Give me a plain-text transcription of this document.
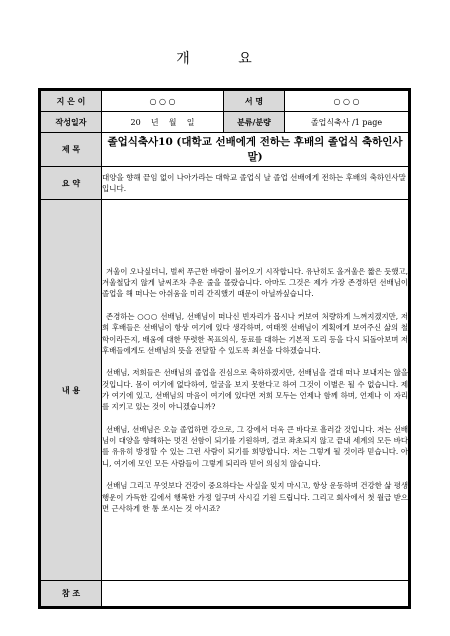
개 요
지 은 이	○ ○ ○	서 명	○ ○ ○
작성일자	20    년    월    일	분류/분량	졸업식축사 /1 page
제 목	졸업식축사10 (대학교 선배에게 전하는 후배의 졸업식 축하인사말)		
요 약	대양을 향해 끝임 없이 나아가라는 대학교 졸업식 날 졸업 선배에게 전하는 후배의 축하인사말입니다.		
내 용	겨울이 오나싶더니, 벌써 푸근한 바람이 불어오기 시작합니다. 유난히도 올겨울은 짧은 듯했고, 겨울철답지 않게 날씨조차 추운 줄을 몰랐습니다. 아마도 그것은 제가 가장 존경하던 선배님이 졸업을 해 떠나는 아쉬움을 미리 간직했기 때문이 아닐까싶습니다.

존경하는 ○○○ 선배님, 선배님이 떠나신 빈자리가 몹시나 커보여 처량하게 느껴지겠지만, 저희 후배들은 선배님이 항상 여기에 있다 생각하며, 여태껏 선배님이 게획에게 보여주신 삶의 철학이라든지, 배움에 대한 뚜렷한 목표의식, 동료를 대하는 기본적 도리 등을 다시 되돌아보며 저 후배들에게도 선배님의 뜻을 전달할 수 있도록 최선을 다하겠습니다.

선배님, 저희들은 선배님의 졸업을 진심으로 축하하겠지만, 선배님을 결대 떠나 보내지는 않을 것입니다. 몸이 여기에 없다하여, 얼굴을 보지 못한다고 하여 그것이 이별은 될 수 없습니다. 제가 여기에 있고, 선배님의 마음이 여기에 있다면 저희 모두는 언제나 함께 하며, 언제나 이 자리를 지키고 있는 것이 아니겠습니까?

선배님, 선배님은 오늘 졸업하면 강으로, 그 강에서 더욱 큰 바다로 흘러갈 것입니다. 저는 선배님이 대양을 향해하는 멋진 선함이 되기를 기원하며, 결코 좌초되지 않고 끝내 세계의 모든 바다를 유유히 방정할 수 있는 그런 사람이 되기를 희망합니다. 저는 그렇게 될 것이라 믿습니다. 아니, 여기에 모인 모든 사람들이 그렇게 되리라 믿어 의심치 않습니다.

선배님 그리고 무엇보다 건강이 중요하다는 사실을 잊지 마시고, 항상 운동하며 건강한 삶 평생 행운이 가득한 길에서 행복한 가정 일구며 사시길 기원 드립니다. 그리고 회사에서 첫 월급 받으면 근사하게 한 통 쏘시는 것 아시죠?		

참 조			
